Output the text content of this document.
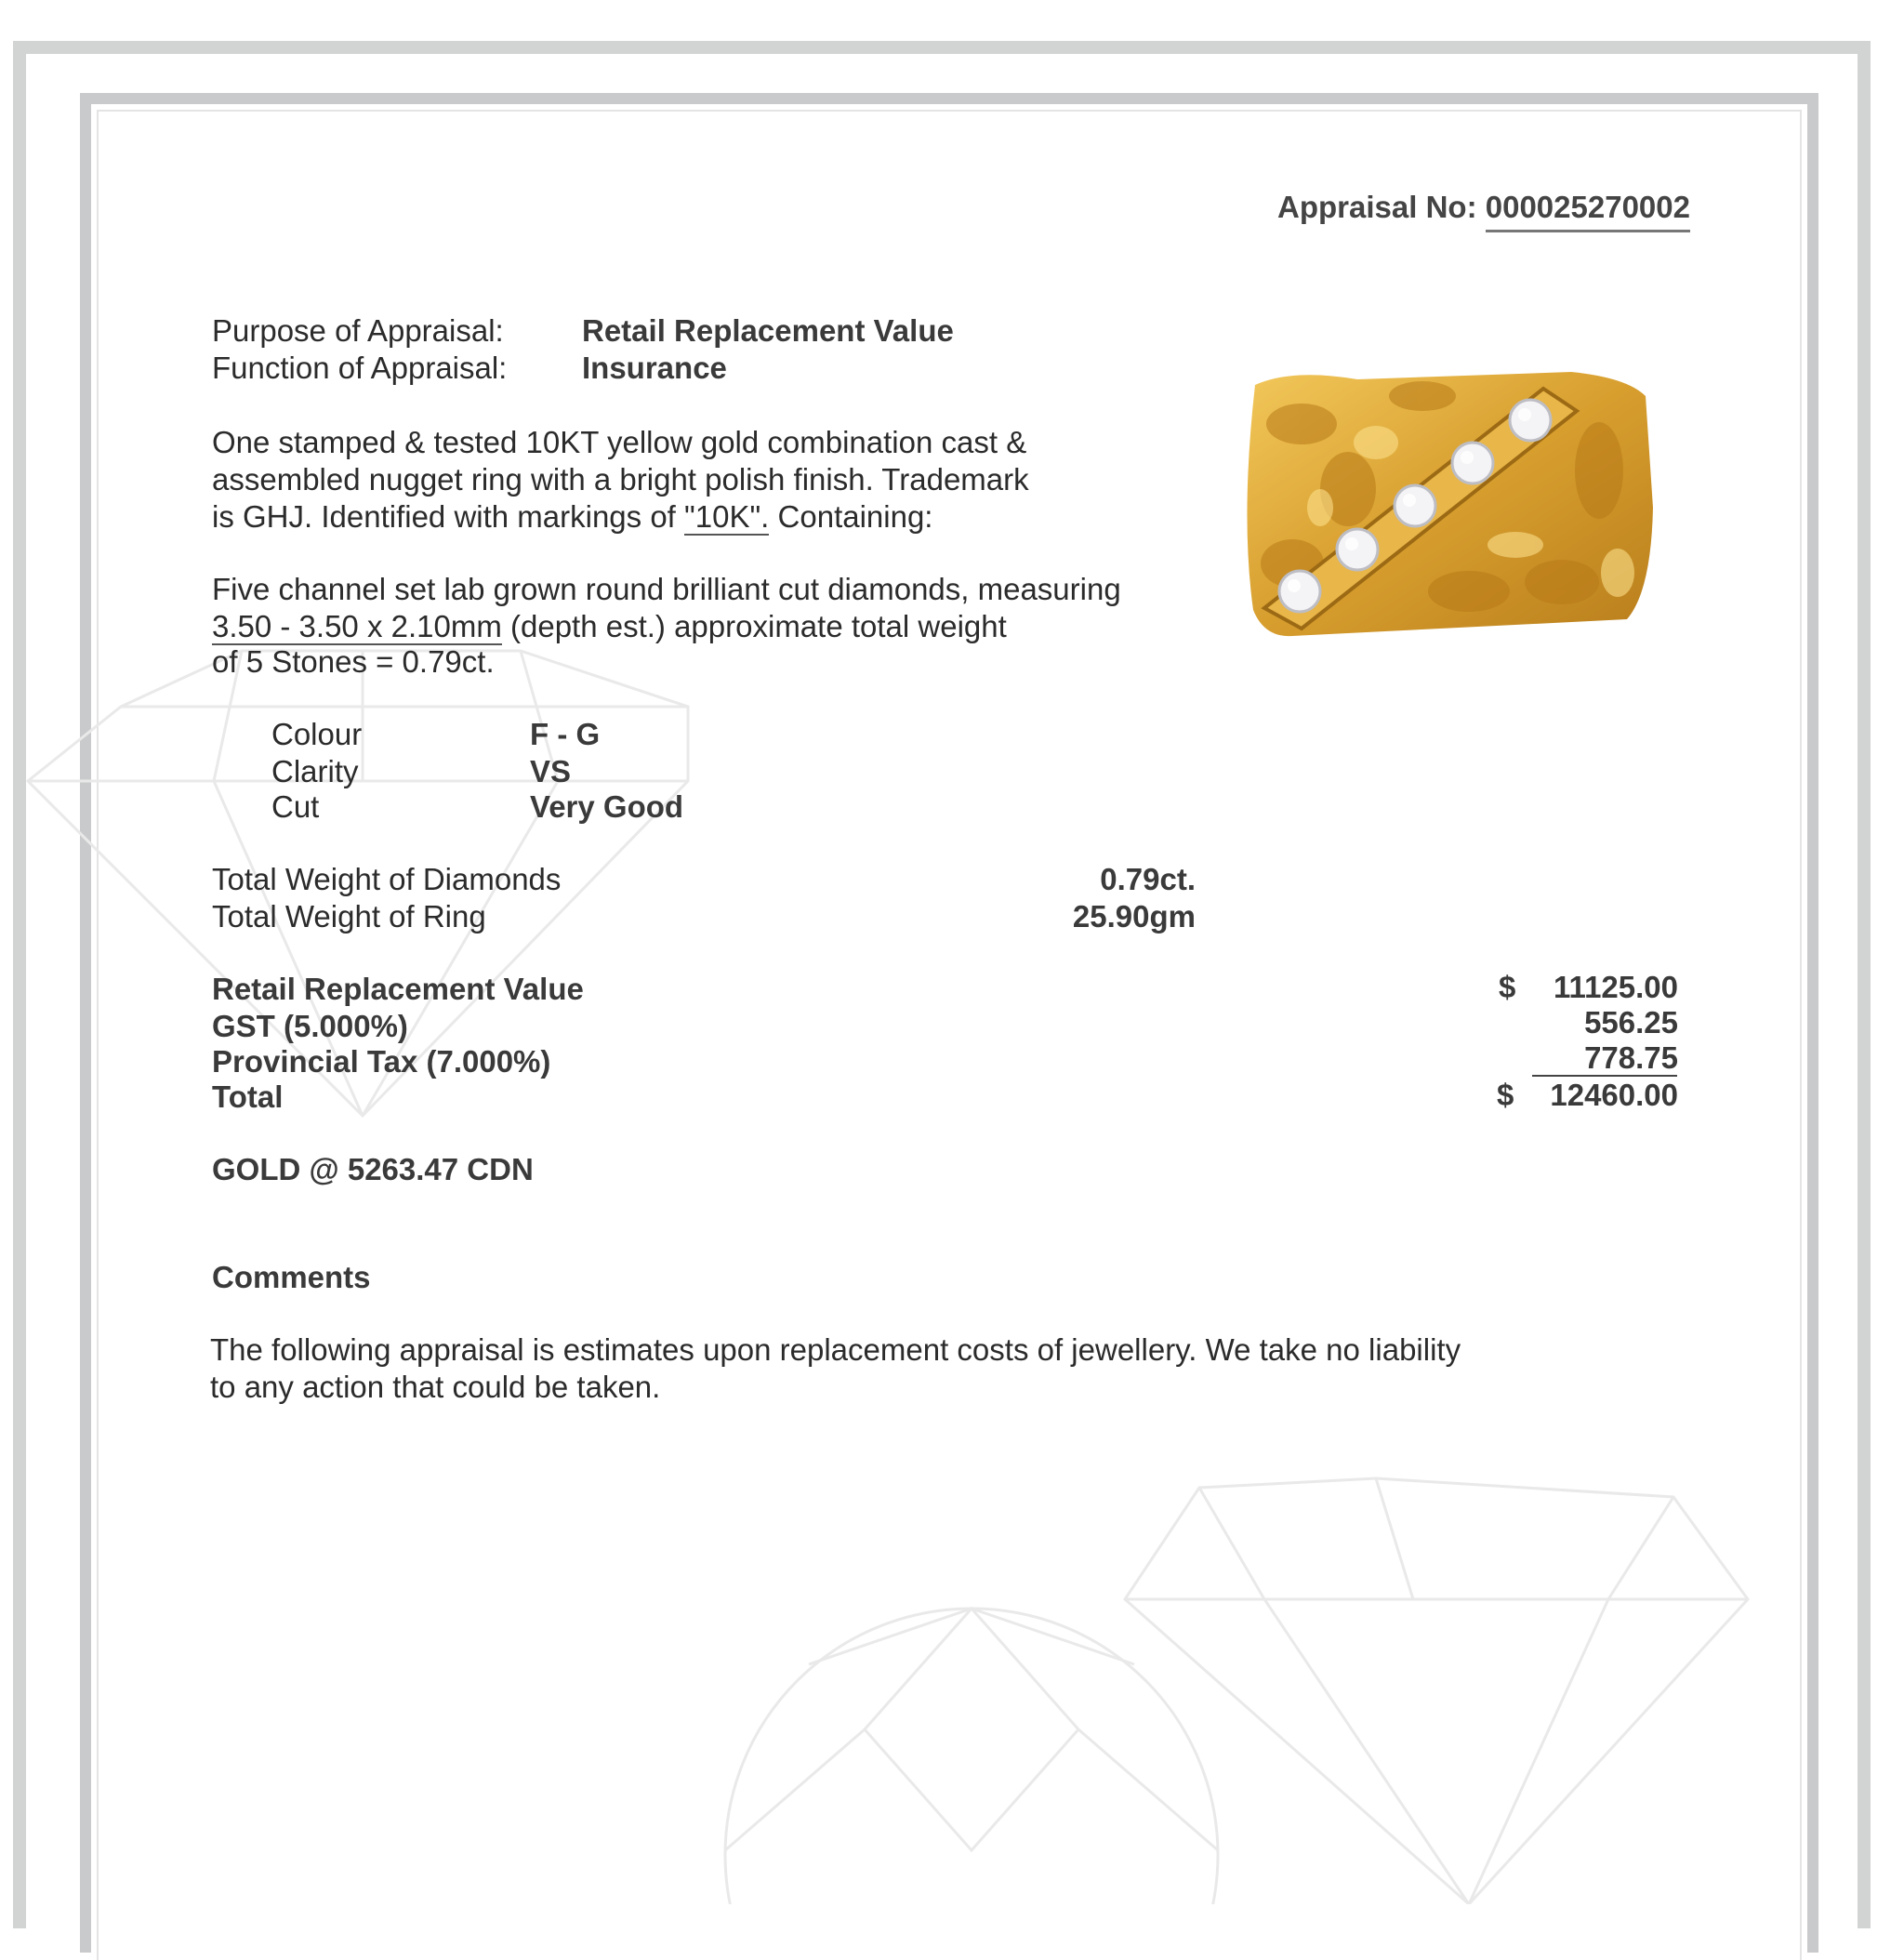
Appraisal No: 000025270002
Purpose of Appraisal:	Retail Replacement Value
Function of Appraisal: Insurance
One stamped & tested 10KT yellow gold combination cast &
assembled nugget ring with a bright polish finish. Trademark
is GHJ. Identified with markings of "10K". Containing:
Five channel set lab grown round brilliant cut diamonds, measuring
3.50 - 3.50 x 2.10mm (depth est.) approximate total weight
of 5 Stones = 0.79ct.
Colour	F - G
Clarity	VS
Cut	Very Good
Total Weight of Diamonds	0.79ct.
Total Weight of Ring	25.90gm
Retail Replacement Value	$	11125.00
GST (5.000%)	556.25
Provincial Tax (7.000%)	778.75
Total	$	12460.00
GOLD @ 5263.47 CDN
Comments
The following appraisal is estimates upon replacement costs of jewellery. We take no liability
to any action that could be taken.
